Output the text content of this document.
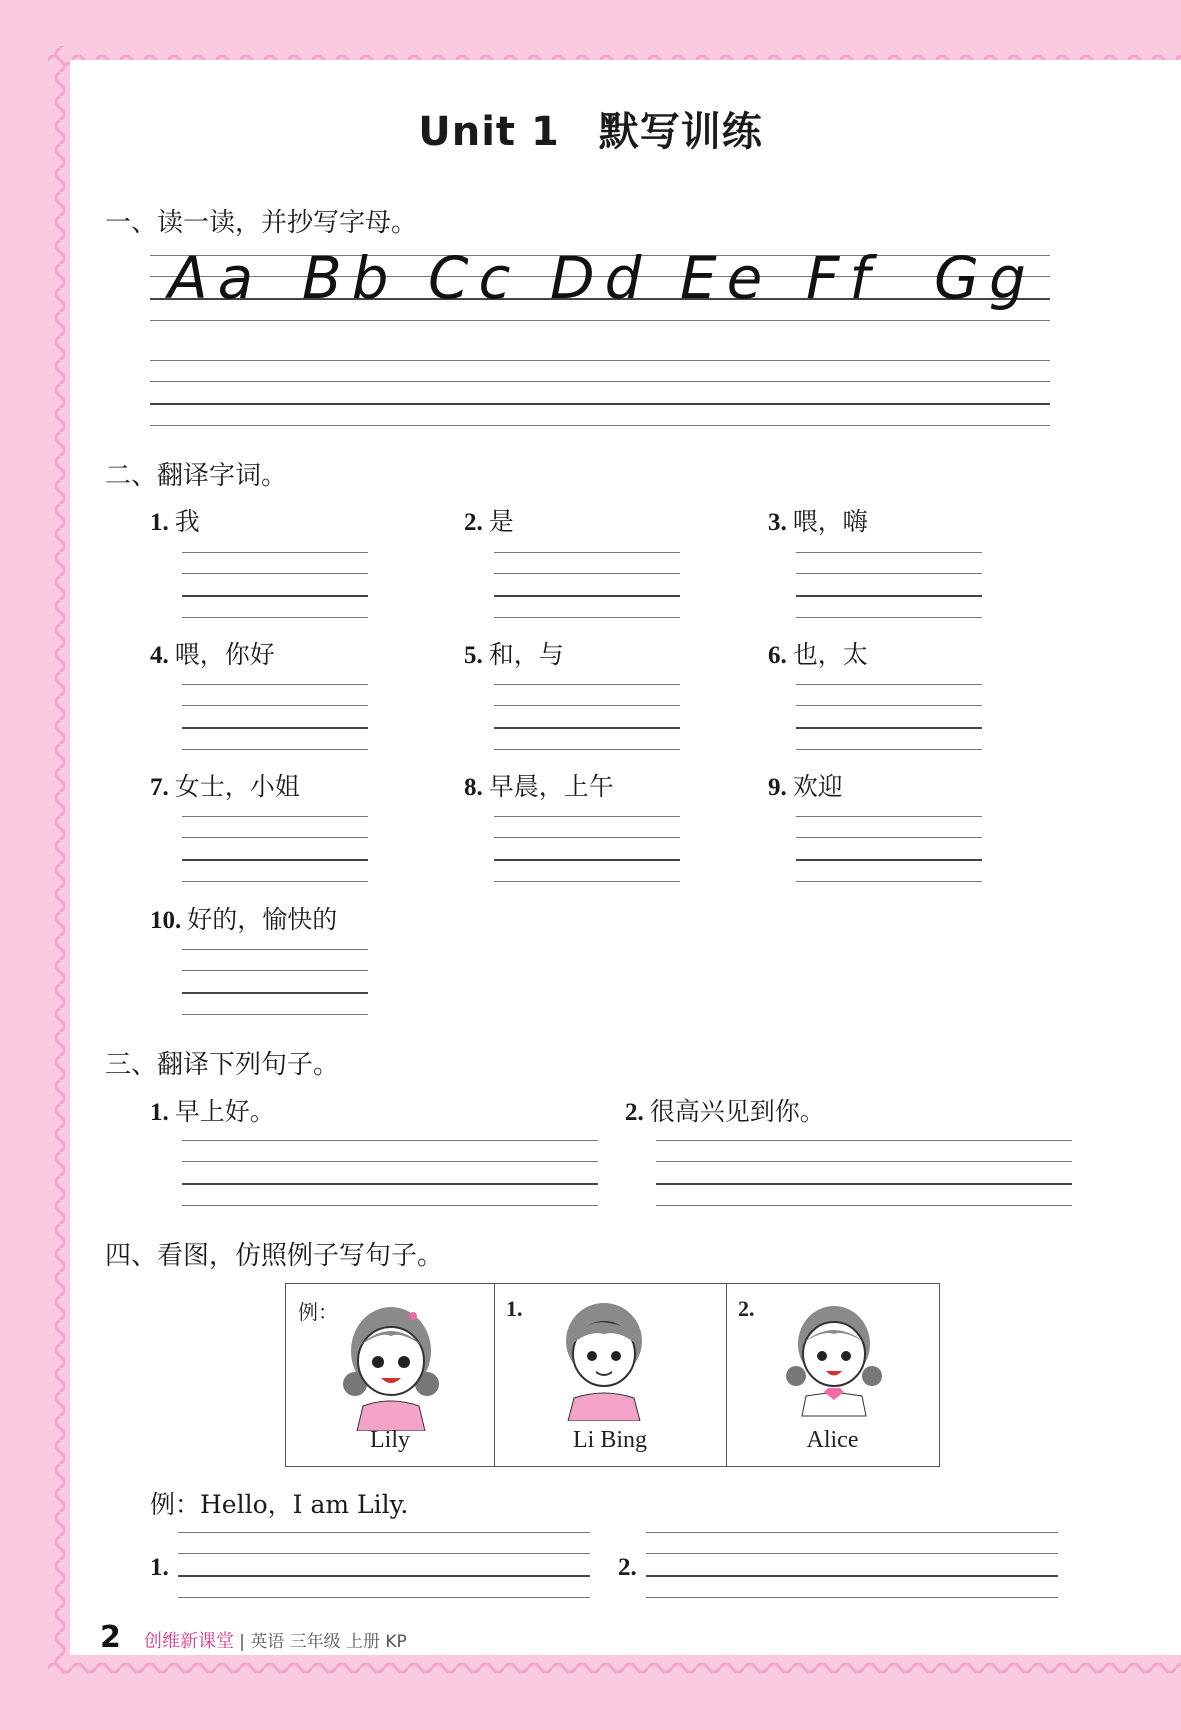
Unit 1 默写训练
一、读一读，并抄写字母。
Aa Bb Cc Dd Ee Ff Gg
二、翻译字词。
1. 我	2. 是	3. 喂，嗨
4. 喂，你好	5. 和，与	6. 也，太
7. 女士，小姐	8. 早晨，上午	9. 欢迎
10. 好的，愉快的
三、翻译下列句子。
1. 早上好。	2. 很高兴见到你。
四、看图，仿照例子写句子。
例：
Lily
1.
Li Bing
2.
Alice
例：Hello，I am Lily.
1.	2.
2 创维新课堂 | 英语 三年级 上册 KP
